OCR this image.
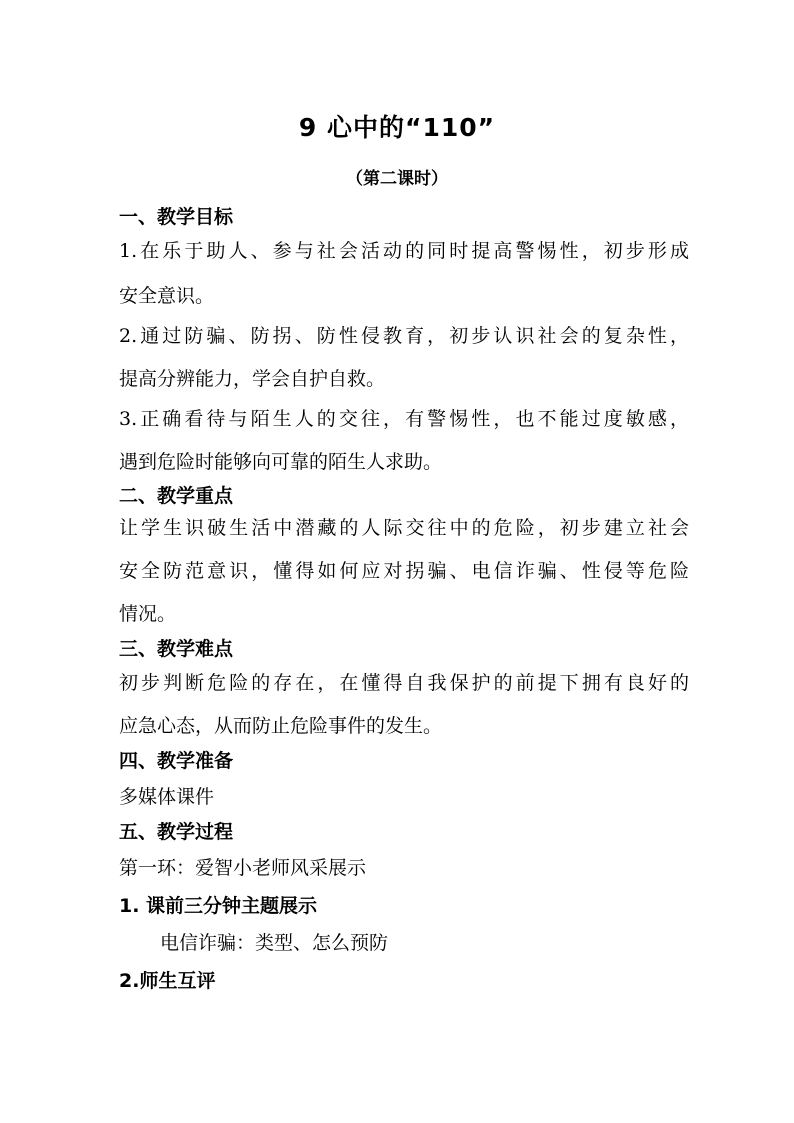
9 心中的“110”
（第二课时）
一、教学目标
1.在乐于助人、参与社会活动的同时提高警惕性，初步形成
安全意识。
2.通过防骗、防拐、防性侵教育，初步认识社会的复杂性，
提高分辨能力，学会自护自救。
3.正确看待与陌生人的交往，有警惕性，也不能过度敏感，
遇到危险时能够向可靠的陌生人求助。
二、教学重点
让学生识破生活中潜藏的人际交往中的危险，初步建立社会
安全防范意识，懂得如何应对拐骗、电信诈骗、性侵等危险
情况。
三、教学难点
初步判断危险的存在，在懂得自我保护的前提下拥有良好的
应急心态，从而防止危险事件的发生。
四、教学准备
多媒体课件
五、教学过程
第一环：爱智小老师风采展示
1. 课前三分钟主题展示
电信诈骗：类型、怎么预防
2.师生互评
